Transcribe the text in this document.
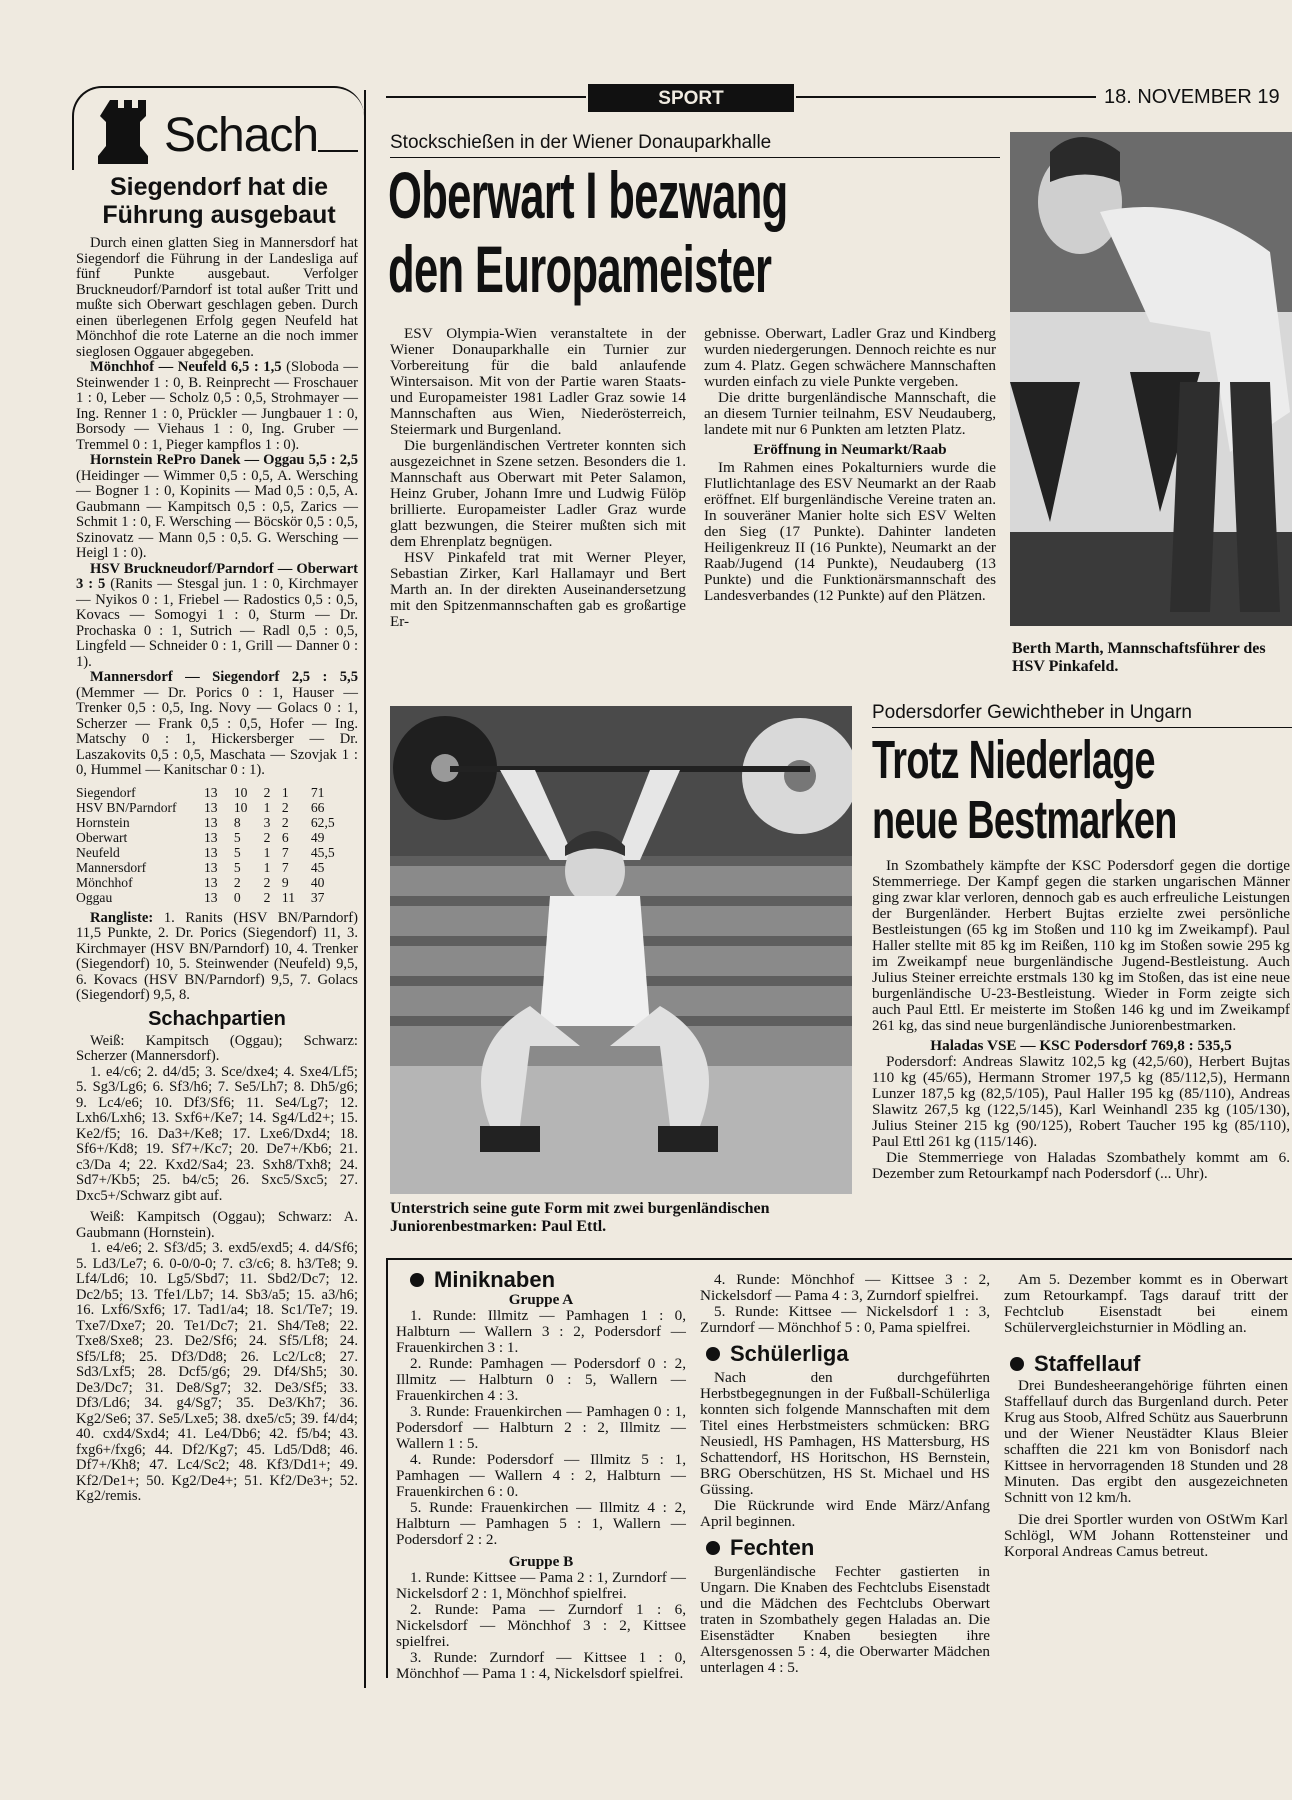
SPORT	18. NOVEMBER 19
Schach
Siegendorf hat die Führung ausgebaut

Durch einen glatten Sieg in Mannersdorf hat Siegendorf die Führung in der Landesliga auf fünf Punkte ausgebaut. Verfolger Bruckneudorf/Parndorf ist total außer Tritt und mußte sich Oberwart geschlagen geben. Durch einen überlegenen Erfolg gegen Neufeld hat Mönchhof die rote Laterne an die noch immer sieglosen Oggauer abgegeben.

Mönchhof — Neufeld 6,5 : 1,5 (Sloboda — Steinwender 1 : 0, B. Reinprecht — Froschauer 1 : 0, Leber — Scholz 0,5 : 0,5, Strohmayer — Ing. Renner 1 : 0, Prückler — Jungbauer 1 : 0, Borsody — Viehaus 1 : 0, Ing. Gruber — Tremmel 0 : 1, Pieger kampflos 1 : 0).

Hornstein RePro Danek — Oggau 5,5 : 2,5 (Heidinger — Wimmer 0,5 : 0,5, A. Wersching — Bogner 1 : 0, Kopinits — Mad 0,5 : 0,5, A. Gaubmann — Kampitsch 0,5 : 0,5, Zarics — Schmit 1 : 0, F. Wersching — Böcskör 0,5 : 0,5, Szinovatz — Mann 0,5 : 0,5. G. Wersching — Heigl 1 : 0).

HSV Bruckneudorf/Parndorf — Oberwart 3 : 5 (Ranits — Stesgal jun. 1 : 0, Kirchmayer — Nyikos 0 : 1, Friebel — Radostics 0,5 : 0,5, Kovacs — Somogyi 1 : 0, Sturm — Dr. Prochaska 0 : 1, Sutrich — Radl 0,5 : 0,5, Lingfeld — Schneider 0 : 1, Grill — Danner 0 : 1).

Mannersdorf — Siegendorf 2,5 : 5,5 (Memmer — Dr. Porics 0 : 1, Hauser — Trenker 0,5 : 0,5, Ing. Novy — Golacs 0 : 1, Scherzer — Frank 0,5 : 0,5, Hofer — Ing. Matschy 0 : 1, Hickersberger — Dr. Laszakovits 0,5 : 0,5, Maschata — Szovjak 1 : 0, Hummel — Kanitschar 0 : 1).

Siegendorf	13	10	2	1	71
HSV BN/Parndorf	13	10	1	2	66
Hornstein	13	8	3	2	62,5
Oberwart	13	5	2	6	49
Neufeld	13	5	1	7	45,5
Mannersdorf	13	5	1	7	45
Mönchhof	13	2	2	9	40
Oggau	13	0	2	11	37

Rangliste: 1. Ranits (HSV BN/Parndorf) 11,5 Punkte, 2. Dr. Porics (Siegendorf) 11, 3. Kirchmayer (HSV BN/Parndorf) 10, 4. Trenker (Siegendorf) 10, 5. Steinwender (Neufeld) 9,5, 6. Kovacs (HSV BN/Parndorf) 9,5, 7. Golacs (Siegendorf) 9,5, 8.

Schachpartien

Weiß: Kampitsch (Oggau); Schwarz: Scherzer (Mannersdorf).

1. e4/c6; 2. d4/d5; 3. Sce/dxe4; 4. Sxe4/Lf5; 5. Sg3/Lg6; 6. Sf3/h6; 7. Se5/Lh7; 8. Dh5/g6; 9. Lc4/e6; 10. Df3/Sf6; 11. Se4/Lg7; 12. Lxh6/Lxh6; 13. Sxf6+/Ke7; 14. Sg4/Ld2+; 15. Ke2/f5; 16. Da3+/Ke8; 17. Lxe6/Dxd4; 18. Sf6+/Kd8; 19. Sf7+/Kc7; 20. De7+/Kb6; 21. c3/Da 4; 22. Kxd2/Sa4; 23. Sxh8/Txh8; 24. Sd7+/Kb5; 25. b4/c5; 26. Sxc5/Sxc5; 27. Dxc5+/Schwarz gibt auf.

Weiß: Kampitsch (Oggau); Schwarz: A. Gaubmann (Hornstein).

1. e4/e6; 2. Sf3/d5; 3. exd5/exd5; 4. d4/Sf6; 5. Ld3/Le7; 6. 0-0/0-0; 7. c3/c6; 8. h3/Te8; 9. Lf4/Ld6; 10. Lg5/Sbd7; 11. Sbd2/Dc7; 12. Dc2/b5; 13. Tfe1/Lb7; 14. Sb3/a5; 15. a3/h6; 16. Lxf6/Sxf6; 17. Tad1/a4; 18. Sc1/Te7; 19. Txe7/Dxe7; 20. Te1/Dc7; 21. Sh4/Te8; 22. Txe8/Sxe8; 23. De2/Sf6; 24. Sf5/Lf8; 24. Sf5/Lf8; 25. Df3/Dd8; 26. Lc2/Lc8; 27. Sd3/Lxf5; 28. Dcf5/g6; 29. Df4/Sh5; 30. De3/Dc7; 31. De8/Sg7; 32. De3/Sf5; 33. Df3/Ld6; 34. g4/Sg7; 35. De3/Kh7; 36. Kg2/Se6; 37. Se5/Lxe5; 38. dxe5/c5; 39. f4/d4; 40. cxd4/Sxd4; 41. Le4/Db6; 42. f5/b4; 43. fxg6+/fxg6; 44. Df2/Kg7; 45. Ld5/Dd8; 46. Df7+/Kh8; 47. Lc4/Sc2; 48. Kf3/Dd1+; 49. Kf2/De1+; 50. Kg2/De4+; 51. Kf2/De3+; 52. Kg2/remis.

Stockschießen in der Wiener Donauparkhalle
Oberwart I bezwang
den Europameister

ESV Olympia-Wien veranstaltete in der Wiener Donauparkhalle ein Turnier zur Vorbereitung für die bald anlaufende Wintersaison. Mit von der Partie waren Staats- und Europameister 1981 Ladler Graz sowie 14 Mannschaften aus Wien, Niederösterreich, Steiermark und Burgenland.

Die burgenländischen Vertreter konnten sich ausgezeichnet in Szene setzen. Besonders die 1. Mannschaft aus Oberwart mit Peter Salamon, Heinz Gruber, Johann Imre und Ludwig Fülöp brillierte. Europameister Ladler Graz wurde glatt bezwungen, die Steirer mußten sich mit dem Ehrenplatz begnügen.

HSV Pinkafeld trat mit Werner Pleyer, Sebastian Zirker, Karl Hallamayr und Bert Marth an. In der direkten Auseinandersetzung mit den Spitzenmannschaften gab es großartige Er-

gebnisse. Oberwart, Ladler Graz und Kindberg wurden niedergerungen. Dennoch reichte es nur zum 4. Platz. Gegen schwächere Mannschaften wurden einfach zu viele Punkte vergeben.

Die dritte burgenländische Mannschaft, die an diesem Turnier teilnahm, ESV Neudauberg, landete mit nur 6 Punkten am letzten Platz.

Eröffnung in Neumarkt/Raab

Im Rahmen eines Pokalturniers wurde die Flutlichtanlage des ESV Neumarkt an der Raab eröffnet. Elf burgenländische Vereine traten an. In souveräner Manier holte sich ESV Welten den Sieg (17 Punkte). Dahinter landeten Heiligenkreuz II (16 Punkte), Neumarkt an der Raab/Jugend (14 Punkte), Neudauberg (13 Punkte) und die Funktionärsmannschaft des Landesverbandes (12 Punkte) auf den Plätzen.

Berth Marth, Mannschaftsführer des HSV Pinkafeld.
Unterstrich seine gute Form mit zwei burgenländischen Juniorenbestmarken: Paul Ettl.
Podersdorfer Gewichtheber in Ungarn
Trotz Niederlage
neue Bestmarken

In Szombathely kämpfte der KSC Podersdorf gegen die dortige Stemmerriege. Der Kampf gegen die starken ungarischen Männer ging zwar klar verloren, dennoch gab es auch erfreuliche Leistungen der Burgenländer. Herbert Bujtas erzielte zwei persönliche Bestleistungen (65 kg im Stoßen und 110 kg im Zweikampf). Paul Haller stellte mit 85 kg im Reißen, 110 kg im Stoßen sowie 295 kg im Zweikampf neue burgenländische Jugend-Bestleistung. Auch Julius Steiner erreichte erstmals 130 kg im Stoßen, das ist eine neue burgenländische U-23-Bestleistung. Wieder in Form zeigte sich auch Paul Ettl. Er meisterte im Stoßen 146 kg und im Zweikampf 261 kg, das sind neue burgenländische Juniorenbestmarken.

Haladas VSE — KSC Podersdorf 769,8 : 535,5

Podersdorf: Andreas Slawitz 102,5 kg (42,5/60), Herbert Bujtas 110 kg (45/65), Hermann Stromer 197,5 kg (85/112,5), Hermann Lunzer 187,5 kg (82,5/105), Paul Haller 195 kg (85/110), Andreas Slawitz 267,5 kg (122,5/145), Karl Weinhandl 235 kg (105/130), Julius Steiner 215 kg (90/125), Robert Taucher 195 kg (85/110), Paul Ettl 261 kg (115/146).

Die Stemmerriege von Haladas Szombathely kommt am 6. Dezember zum Retourkampf nach Podersdorf (... Uhr).

Miniknaben

Gruppe A

1. Runde: Illmitz — Pamhagen 1 : 0, Halbturn — Wallern 3 : 2, Podersdorf — Frauenkirchen 3 : 1.

2. Runde: Pamhagen — Podersdorf 0 : 2, Illmitz — Halbturn 0 : 5, Wallern — Frauenkirchen 4 : 3.

3. Runde: Frauenkirchen — Pamhagen 0 : 1, Podersdorf — Halbturn 2 : 2, Illmitz — Wallern 1 : 5.

4. Runde: Podersdorf — Illmitz 5 : 1, Pamhagen — Wallern 4 : 2, Halbturn — Frauenkirchen 6 : 0.

5. Runde: Frauenkirchen — Illmitz 4 : 2, Halbturn — Pamhagen 5 : 1, Wallern — Podersdorf 2 : 2.

Gruppe B

1. Runde: Kittsee — Pama 2 : 1, Zurndorf — Nickelsdorf 2 : 1, Mönchhof spielfrei.

2. Runde: Pama — Zurndorf 1 : 6, Nickelsdorf — Mönchhof 3 : 2, Kittsee spielfrei.

3. Runde: Zurndorf — Kittsee 1 : 0, Mönchhof — Pama 1 : 4, Nickelsdorf spielfrei.

4. Runde: Mönchhof — Kittsee 3 : 2, Nickelsdorf — Pama 4 : 3, Zurndorf spielfrei.

5. Runde: Kittsee — Nickelsdorf 1 : 3, Zurndorf — Mönchhof 5 : 0, Pama spielfrei.

Schülerliga

Nach den durchgeführten Herbstbegegnungen in der Fußball-Schülerliga konnten sich folgende Mannschaften mit dem Titel eines Herbstmeisters schmücken: BRG Neusiedl, HS Pamhagen, HS Mattersburg, HS Schattendorf, HS Horitschon, HS Bernstein, BRG Oberschützen, HS St. Michael und HS Güssing.

Die Rückrunde wird Ende März/Anfang April beginnen.

Fechten

Burgenländische Fechter gastierten in Ungarn. Die Knaben des Fechtclubs Eisenstadt und die Mädchen des Fechtclubs Oberwart traten in Szombathely gegen Haladas an. Die Eisenstädter Knaben besiegten ihre Altersgenossen 5 : 4, die Oberwarter Mädchen unterlagen 4 : 5.

Am 5. Dezember kommt es in Oberwart zum Retourkampf. Tags darauf tritt der Fechtclub Eisenstadt bei einem Schülervergleichsturnier in Mödling an.

Staffellauf

Drei Bundesheerangehörige führten einen Staffellauf durch das Burgenland durch. Peter Krug aus Stoob, Alfred Schütz aus Sauerbrunn und der Wiener Neustädter Klaus Bleier schafften die 221 km von Bonisdorf nach Kittsee in hervorragenden 18 Stunden und 28 Minuten. Das ergibt den ausgezeichneten Schnitt von 12 km/h.

Die drei Sportler wurden von OStWm Karl Schlögl, WM Johann Rottensteiner und Korporal Andreas Camus betreut.
